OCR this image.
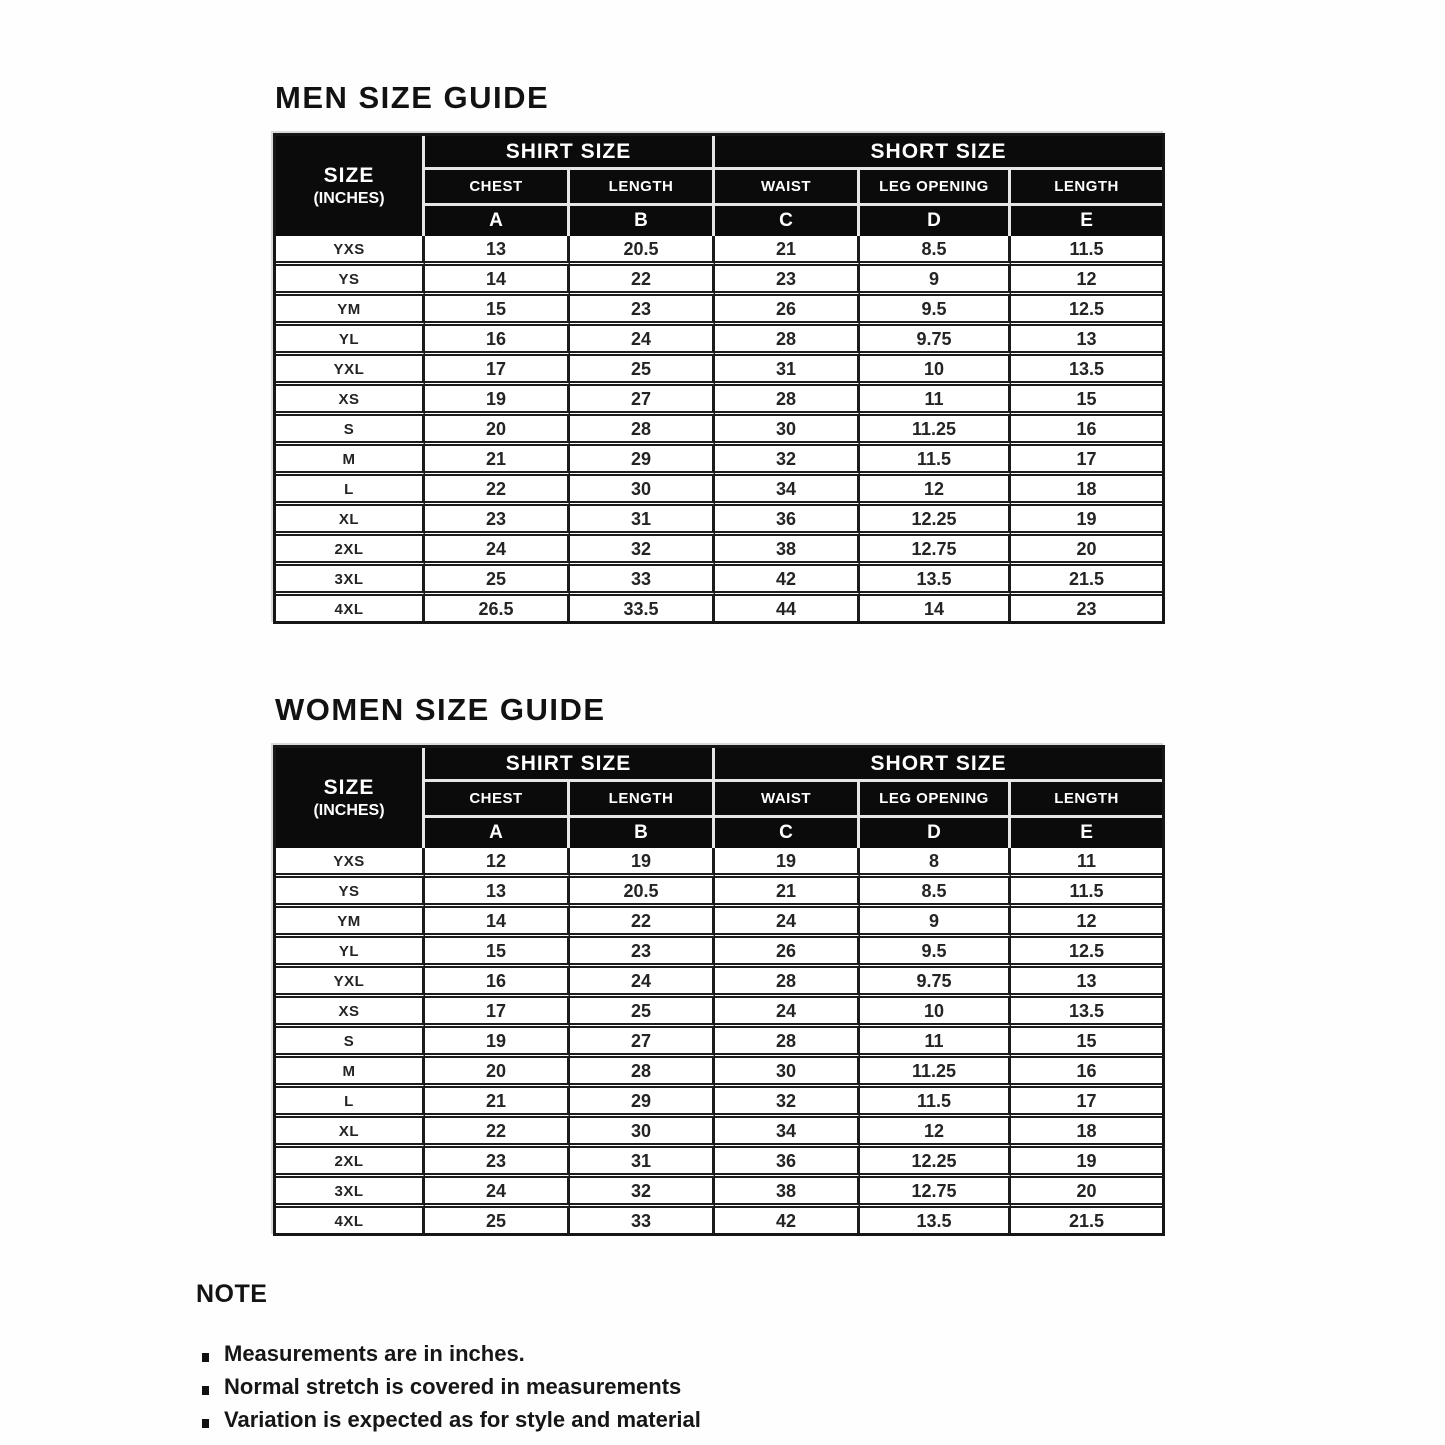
MEN SIZE GUIDE
SIZE
(INCHES)	SHIRT SIZE		SHORT SIZE		
	CHEST	LENGTH	WAIST	LEG OPENING	LENGTH
	A	B	C	D	E
YXS	13	20.5	21	8.5	11.5
YS	14	22	23	9	12
YM	15	23	26	9.5	12.5
YL	16	24	28	9.75	13
YXL	17	25	31	10	13.5
XS	19	27	28	11	15
S	20	28	30	11.25	16
M	21	29	32	11.5	17
L	22	30	34	12	18
XL	23	31	36	12.25	19
2XL	24	32	38	12.75	20
3XL	25	33	42	13.5	21.5
4XL	26.5	33.5	44	14	23
WOMEN SIZE GUIDE
SIZE
(INCHES)	SHIRT SIZE		SHORT SIZE		
	CHEST	LENGTH	WAIST	LEG OPENING	LENGTH
	A	B	C	D	E
YXS	12	19	19	8	11
YS	13	20.5	21	8.5	11.5
YM	14	22	24	9	12
YL	15	23	26	9.5	12.5
YXL	16	24	28	9.75	13
XS	17	25	24	10	13.5
S	19	27	28	11	15
M	20	28	30	11.25	16
L	21	29	32	11.5	17
XL	22	30	34	12	18
2XL	23	31	36	12.25	19
3XL	24	32	38	12.75	20
4XL	25	33	42	13.5	21.5
NOTE
Measurements are in inches.
Normal stretch is covered in measurements
Variation is expected as for style and material
